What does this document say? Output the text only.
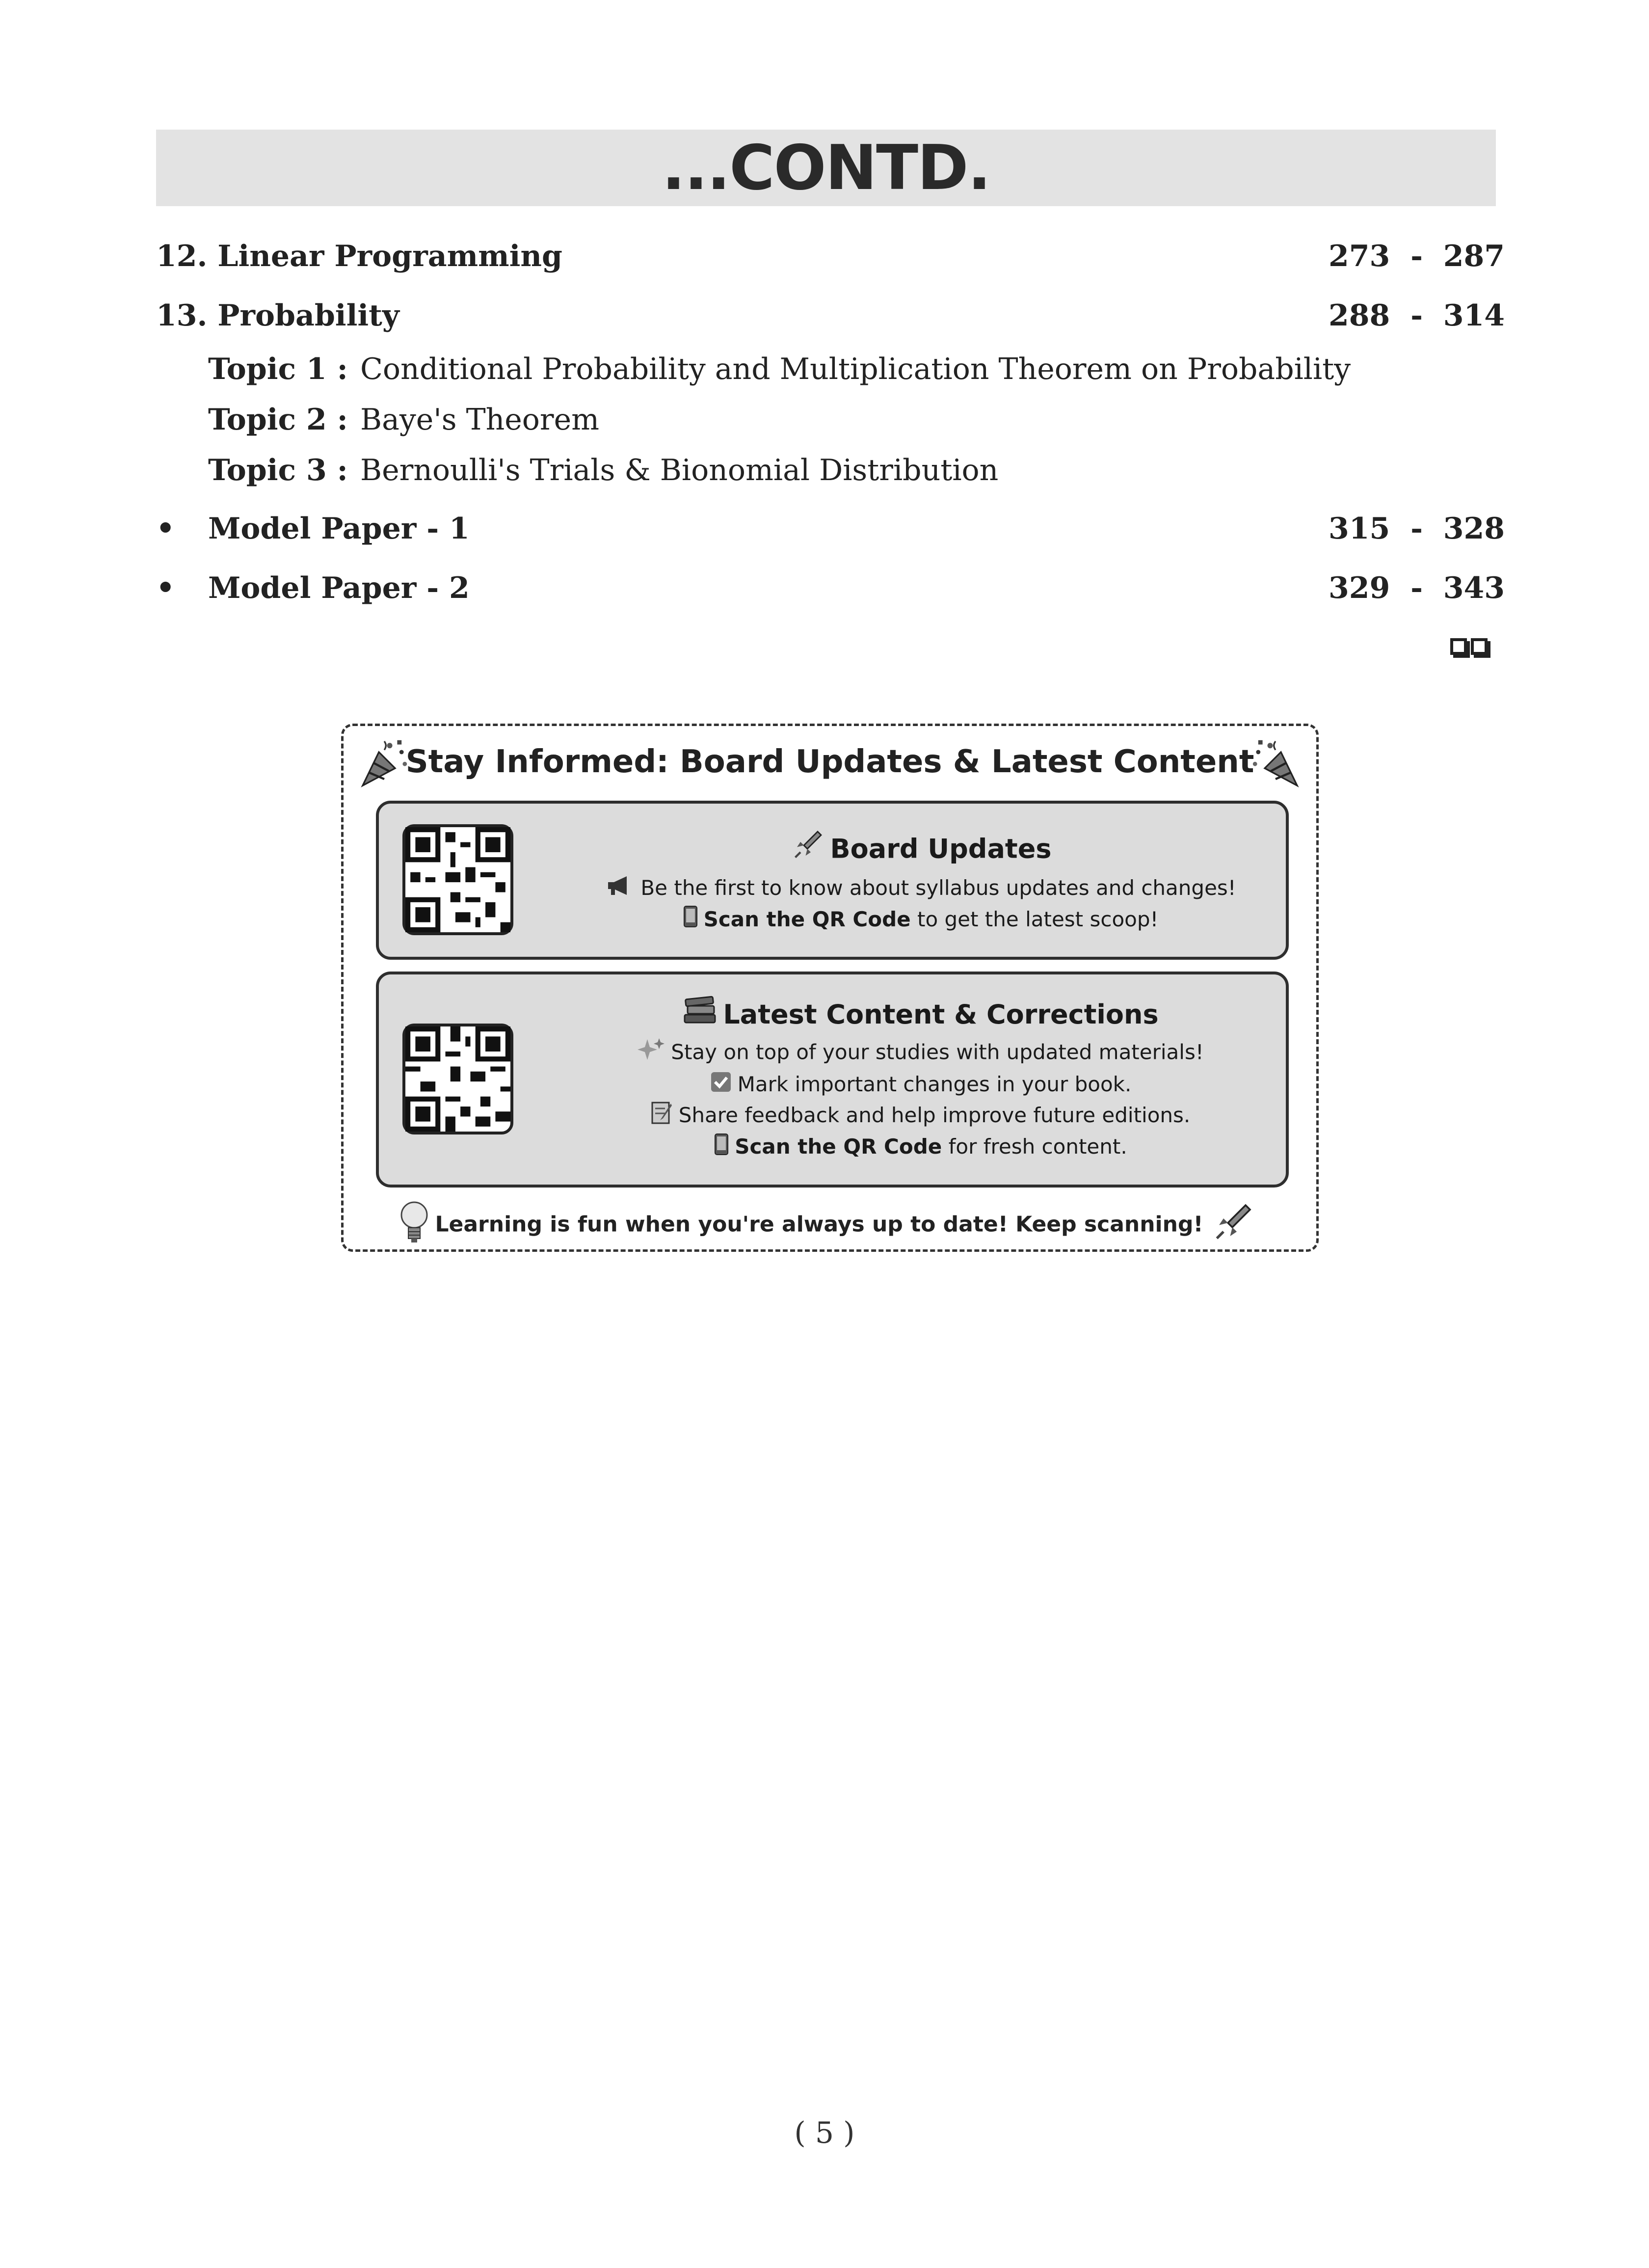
...CONTD.
12. Linear Programming	273  -  287
13. Probability	288  -  314
Topic 1 : Conditional Probability and Multiplication Theorem on Probability
Topic 2 : Baye's Theorem
Topic 3 : Bernoulli's Trials & Bionomial Distribution
• Model Paper - 1	315  -  328
• Model Paper - 2	329  -  343
Stay Informed: Board Updates & Latest Content
Board Updates
Be the first to know about syllabus updates and changes!
Scan the QR Code to get the latest scoop!
Latest Content & Corrections
Stay on top of your studies with updated materials!
Mark important changes in your book.
Share feedback and help improve future editions.
Scan the QR Code for fresh content.
Learning is fun when you're always up to date! Keep scanning!
( 5 )
